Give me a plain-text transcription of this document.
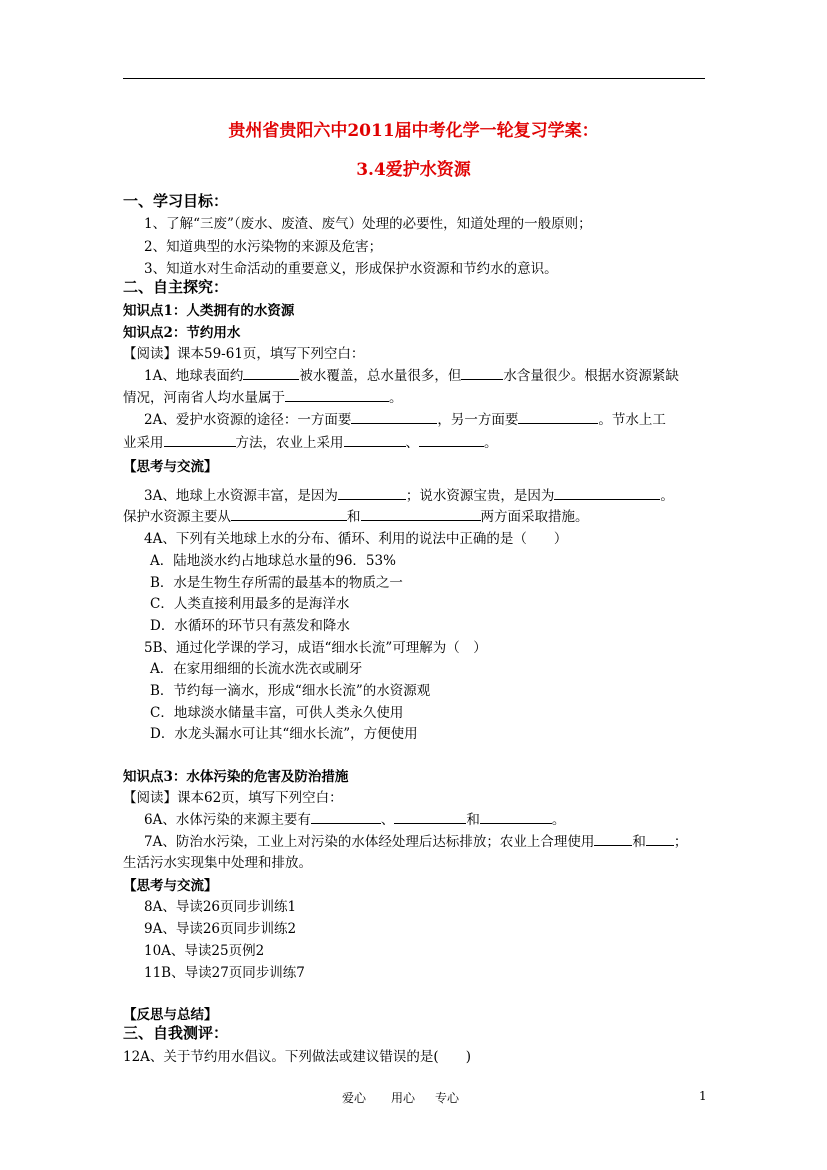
贵州省贵阳六中2011届中考化学一轮复习学案：
3.4爱护水资源
一、学习目标：
1、了解“三废”（废水、废渣、废气）处理的必要性，知道处理的一般原则；
2、知道典型的水污染物的来源及危害；
3、知道水对生命活动的重要意义，形成保护水资源和节约水的意识。
二、自主探究：
知识点1：人类拥有的水资源
知识点2：节约用水
【阅读】课本59-61页，填写下列空白：
1A、地球表面约	被水覆盖，总水量很多，但	水含量很少。根据水资源紧缺
情况，河南省人均水量属于	。
2A、爱护水资源的途径：一方面要	，另一方面要	。节水上工
业采用	方法，农业上采用	、	。
【思考与交流】
3A、地球上水资源丰富，是因为	；说水资源宝贵，是因为	。
保护水资源主要从	和	两方面采取措施。
4A、下列有关地球上水的分布、循环、利用的说法中正确的是（　　）
A．陆地淡水约占地球总水量的96．53%
B．水是生物生存所需的最基本的物质之一
C．人类直接利用最多的是海洋水
D．水循环的环节只有蒸发和降水
5B、通过化学课的学习，成语“细水长流”可理解为（　）
A．在家用细细的长流水洗衣或刷牙
B．节约每一滴水，形成“细水长流”的水资源观
C．地球淡水储量丰富，可供人类永久使用
D．水龙头漏水可让其“细水长流”，方便使用
知识点3：水体污染的危害及防治措施
【阅读】课本62页，填写下列空白：
6A、水体污染的来源主要有	、	和	。
7A、防治水污染，工业上对污染的水体经处理后达标排放；农业上合理使用	和 ；
生活污水实现集中处理和排放。
【思考与交流】
8A、导读26页同步训练1
9A、导读26页同步训练2
10A、导读25页例2
11B、导读27页同步训练7
【反思与总结】
三、自我测评：
12A、关于节约用水倡议。下列做法或建议错误的是(　　)
爱心 用心 专心	1
